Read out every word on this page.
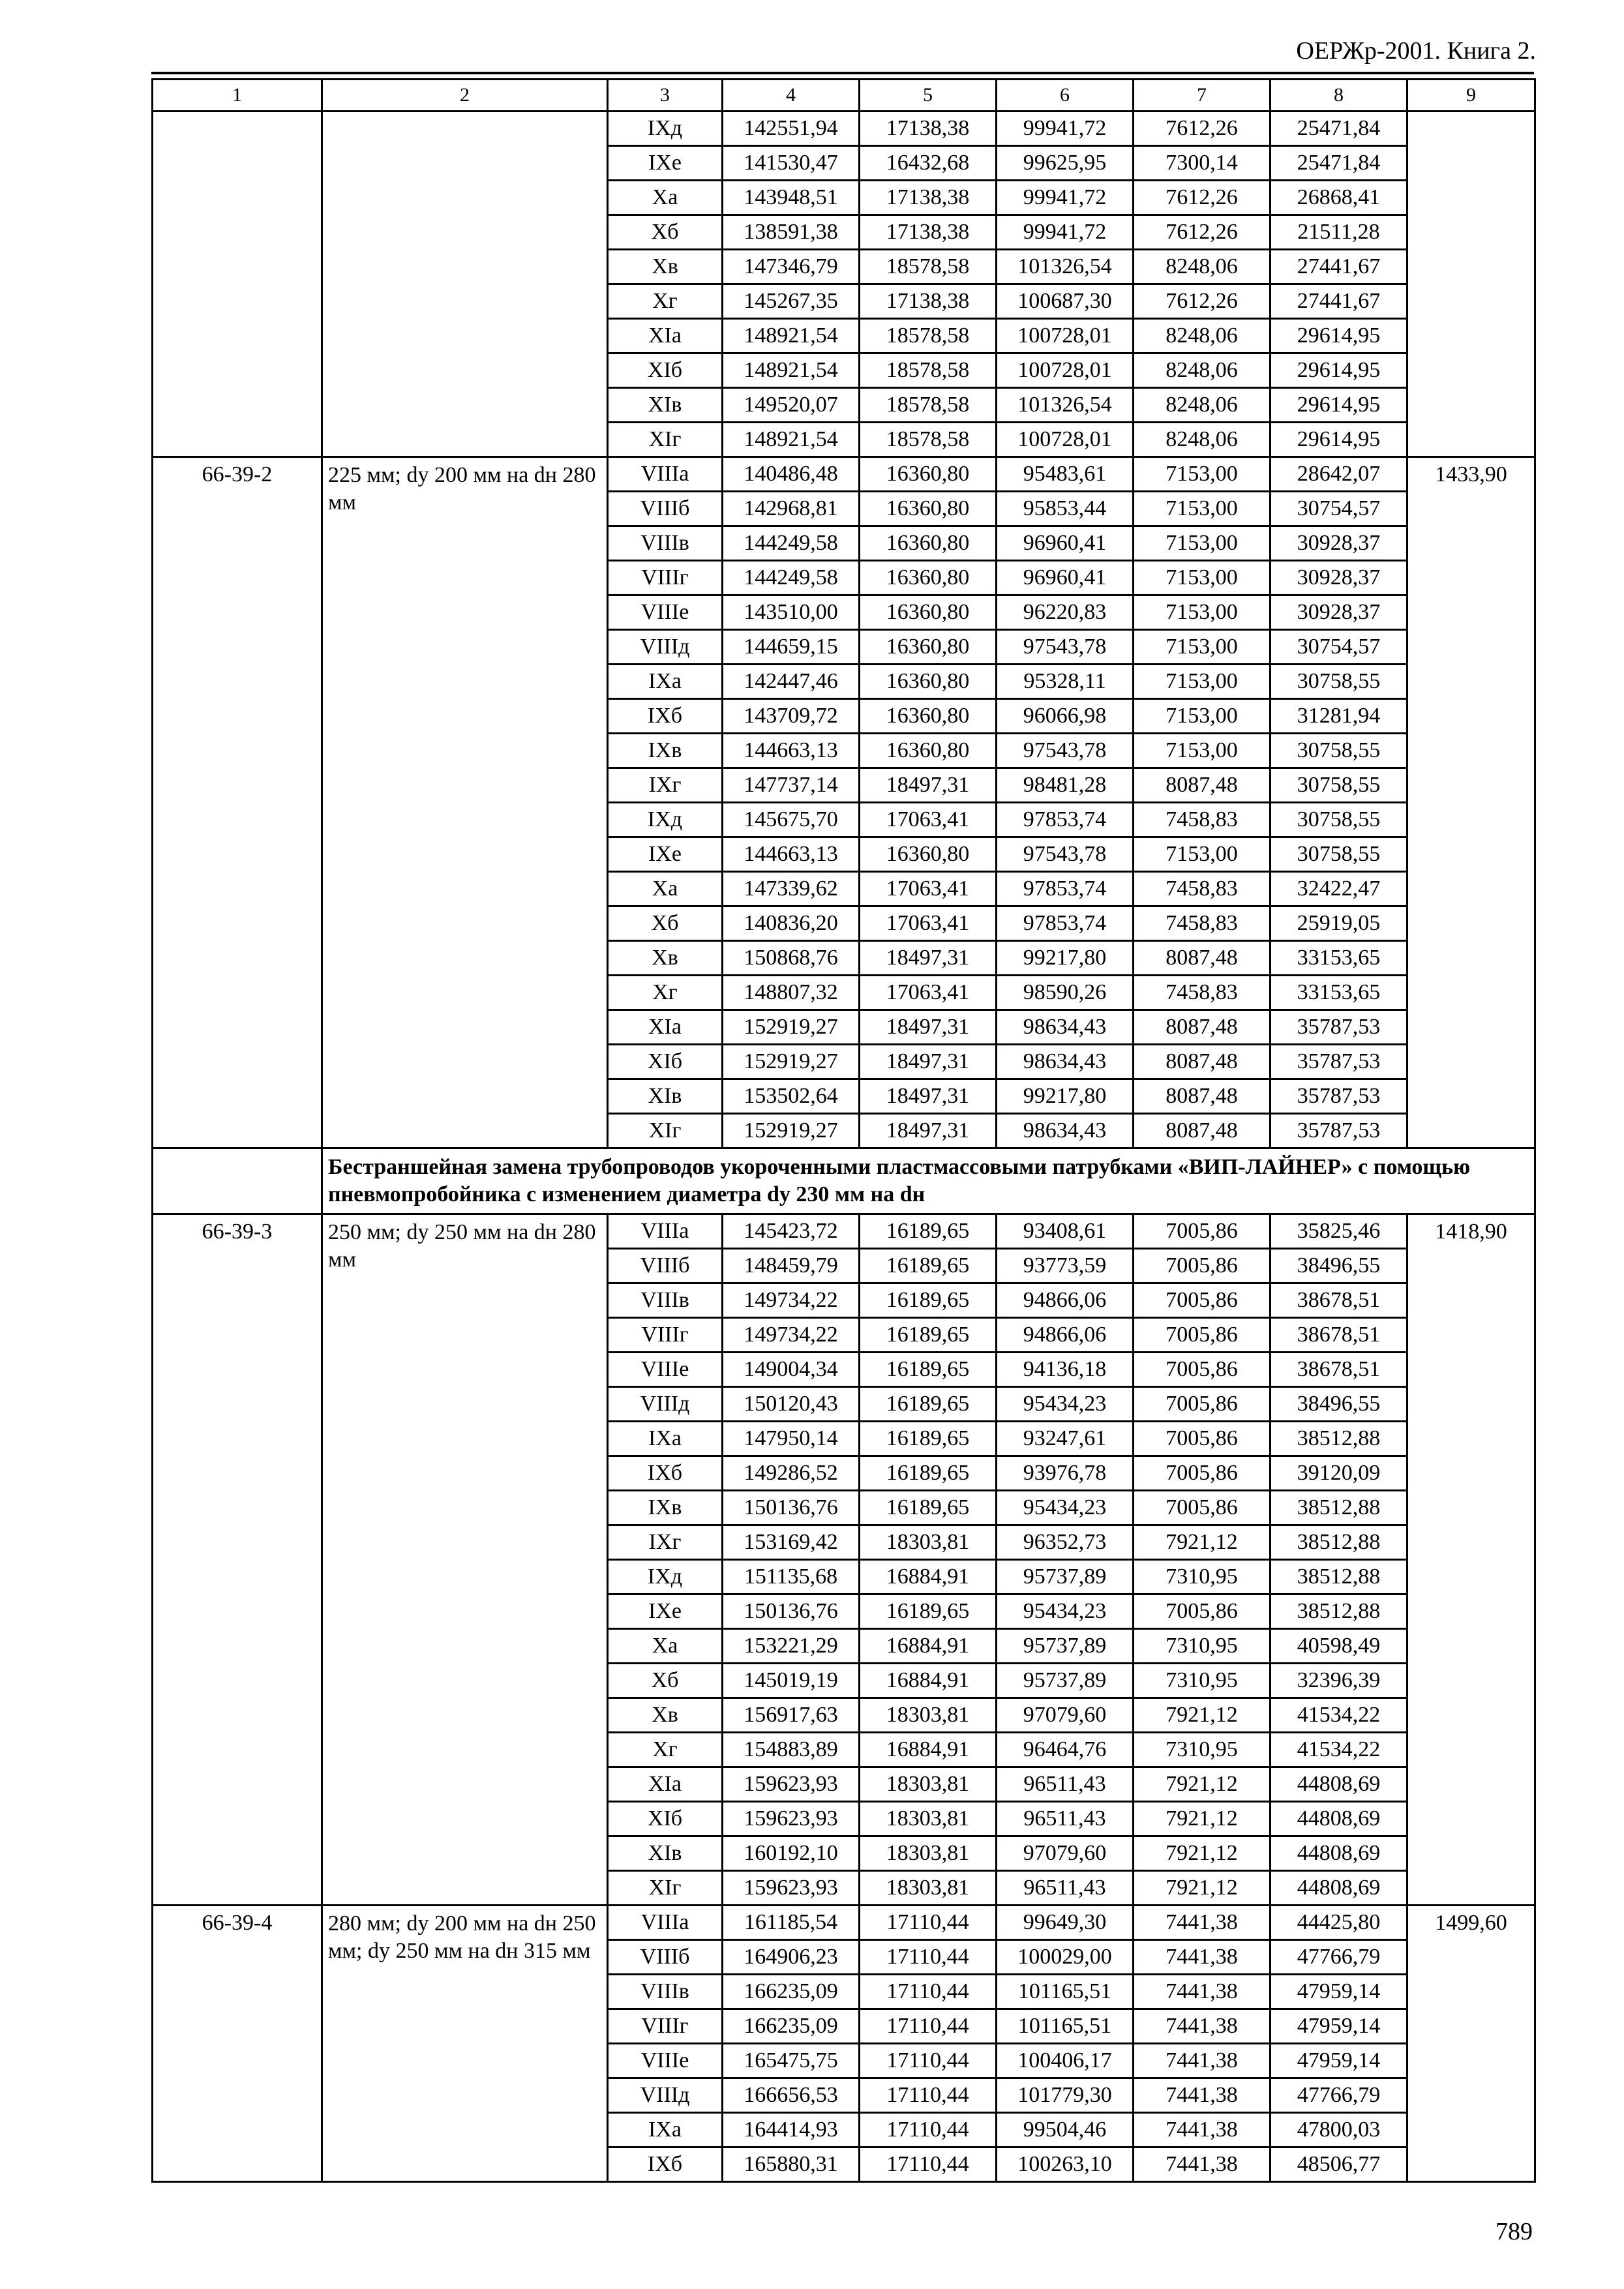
ОЕРЖр-2001. Книга 2.
1	2	3	4	5	6	7	8	9
		IXд	142551,94	17138,38	99941,72	7612,26	25471,84	
		IXе	141530,47	16432,68	99625,95	7300,14	25471,84	
		Xa	143948,51	17138,38	99941,72	7612,26	26868,41	
		Xб	138591,38	17138,38	99941,72	7612,26	21511,28	
		Xв	147346,79	18578,58	101326,54	8248,06	27441,67	
		Xг	145267,35	17138,38	100687,30	7612,26	27441,67	
		XIa	148921,54	18578,58	100728,01	8248,06	29614,95	
		XIб	148921,54	18578,58	100728,01	8248,06	29614,95	
		XIв	149520,07	18578,58	101326,54	8248,06	29614,95	
		XIг	148921,54	18578,58	100728,01	8248,06	29614,95	
66-39-2	225 мм; dy 200 мм на dн 280 мм	VIIIa	140486,48	16360,80	95483,61	7153,00	28642,07	1433,90
		VIIIб	142968,81	16360,80	95853,44	7153,00	30754,57	
		VIIIв	144249,58	16360,80	96960,41	7153,00	30928,37	
		VIIIг	144249,58	16360,80	96960,41	7153,00	30928,37	
		VIIIе	143510,00	16360,80	96220,83	7153,00	30928,37	
		VIIIд	144659,15	16360,80	97543,78	7153,00	30754,57	
		IXa	142447,46	16360,80	95328,11	7153,00	30758,55	
		IXб	143709,72	16360,80	96066,98	7153,00	31281,94	
		IXв	144663,13	16360,80	97543,78	7153,00	30758,55	
		IXг	147737,14	18497,31	98481,28	8087,48	30758,55	
		IXд	145675,70	17063,41	97853,74	7458,83	30758,55	
		IXе	144663,13	16360,80	97543,78	7153,00	30758,55	
		Xa	147339,62	17063,41	97853,74	7458,83	32422,47	
		Xб	140836,20	17063,41	97853,74	7458,83	25919,05	
		Xв	150868,76	18497,31	99217,80	8087,48	33153,65	
		Xг	148807,32	17063,41	98590,26	7458,83	33153,65	
		XIa	152919,27	18497,31	98634,43	8087,48	35787,53	
		XIб	152919,27	18497,31	98634,43	8087,48	35787,53	
		XIв	153502,64	18497,31	99217,80	8087,48	35787,53	
		XIг	152919,27	18497,31	98634,43	8087,48	35787,53	
	Бестраншейная замена трубопроводов укороченными пластмассовыми патрубками «ВИП-ЛАЙНЕР» с помощью пневмопробойника с изменением диаметра dy 230 мм на dн							
66-39-3	250 мм; dy 250 мм на dн 280 мм	VIIIa	145423,72	16189,65	93408,61	7005,86	35825,46	1418,90
		VIIIб	148459,79	16189,65	93773,59	7005,86	38496,55	
		VIIIв	149734,22	16189,65	94866,06	7005,86	38678,51	
		VIIIг	149734,22	16189,65	94866,06	7005,86	38678,51	
		VIIIе	149004,34	16189,65	94136,18	7005,86	38678,51	
		VIIIд	150120,43	16189,65	95434,23	7005,86	38496,55	
		IXa	147950,14	16189,65	93247,61	7005,86	38512,88	
		IXб	149286,52	16189,65	93976,78	7005,86	39120,09	
		IXв	150136,76	16189,65	95434,23	7005,86	38512,88	
		IXг	153169,42	18303,81	96352,73	7921,12	38512,88	
		IXд	151135,68	16884,91	95737,89	7310,95	38512,88	
		IXе	150136,76	16189,65	95434,23	7005,86	38512,88	
		Xa	153221,29	16884,91	95737,89	7310,95	40598,49	
		Xб	145019,19	16884,91	95737,89	7310,95	32396,39	
		Xв	156917,63	18303,81	97079,60	7921,12	41534,22	
		Xг	154883,89	16884,91	96464,76	7310,95	41534,22	
		XIa	159623,93	18303,81	96511,43	7921,12	44808,69	
		XIб	159623,93	18303,81	96511,43	7921,12	44808,69	
		XIв	160192,10	18303,81	97079,60	7921,12	44808,69	
		XIг	159623,93	18303,81	96511,43	7921,12	44808,69	
66-39-4	280 мм; dy 200 мм на dн 250 мм; dy 250 мм на dн 315 мм	VIIIa	161185,54	17110,44	99649,30	7441,38	44425,80	1499,60
		VIIIб	164906,23	17110,44	100029,00	7441,38	47766,79	
		VIIIв	166235,09	17110,44	101165,51	7441,38	47959,14	
		VIIIг	166235,09	17110,44	101165,51	7441,38	47959,14	
		VIIIе	165475,75	17110,44	100406,17	7441,38	47959,14	
		VIIIд	166656,53	17110,44	101779,30	7441,38	47766,79	
		IXa	164414,93	17110,44	99504,46	7441,38	47800,03	
		IXб	165880,31	17110,44	100263,10	7441,38	48506,77	
789
